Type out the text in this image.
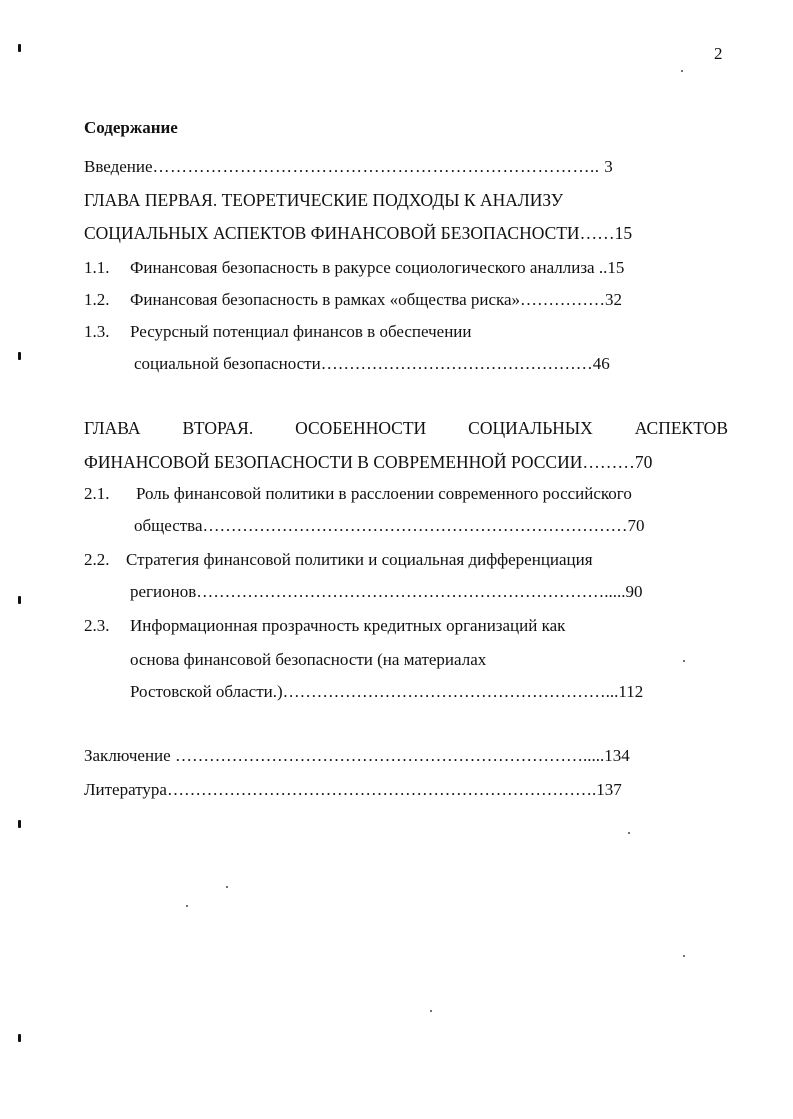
2
Содержание
Введение………………………………………………………………….. 3
ГЛАВА ПЕРВАЯ. ТЕОРЕТИЧЕСКИЕ ПОДХОДЫ К АНАЛИЗУ
СОЦИАЛЬНЫХ АСПЕКТОВ ФИНАНСОВОЙ БЕЗОПАСНОСТИ……15
1.1. Финансовая безопасность в ракурсе социологического аналлиза ..15
1.2. Финансовая безопасность в рамках «общества риска»……………32
1.3. Ресурсный потенциал финансов в обеспечении
социальной безопасности…………………………………………46
ГЛАВА ВТОРАЯ. ОСОБЕННОСТИ СОЦИАЛЬНЫХ АСПЕКТОВ
ФИНАНСОВОЙ БЕЗОПАСНОСТИ В СОВРЕМЕННОЙ РОССИИ………70
2.1. Роль финансовой политики в расслоении современного российского
общества…………………………………………………………………70
2.2. Стратегия финансовой политики и социальная дифференциация
регионов……………………………………………………………….....90
2.3. Информационная прозрачность кредитных организаций как
основа финансовой безопасности (на материалах
Ростовской области.)…………………………………………………...112
Заключение ……………………………………………………………….....134
Литература………………………………………………………………….137
